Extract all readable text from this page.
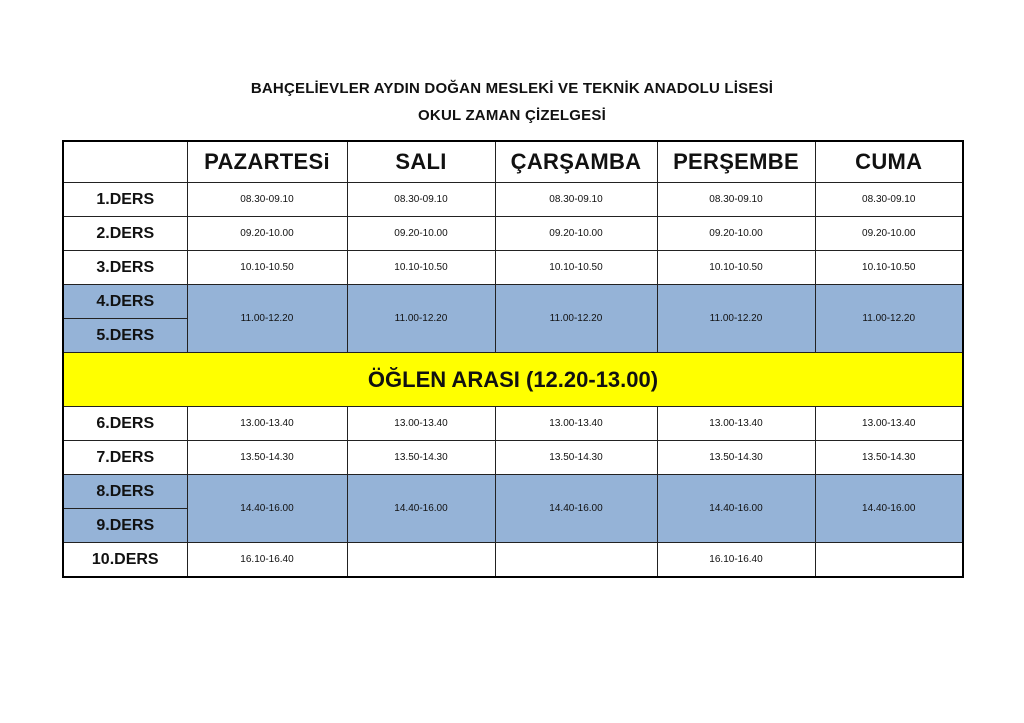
BAHÇELİEVLER AYDIN DOĞAN MESLEKİ VE TEKNİK ANADOLU LİSESİ
OKUL ZAMAN ÇİZELGESİ
	PAZARTESi	SALI	ÇARŞAMBA	PERŞEMBE	CUMA
1.DERS	08.30-09.10	08.30-09.10	08.30-09.10	08.30-09.10	08.30-09.10
2.DERS	09.20-10.00	09.20-10.00	09.20-10.00	09.20-10.00	09.20-10.00
3.DERS	10.10-10.50	10.10-10.50	10.10-10.50	10.10-10.50	10.10-10.50
4.DERS	11.00-12.20	11.00-12.20	11.00-12.20	11.00-12.20	11.00-12.20
5.DERS					
ÖĞLEN ARASI (12.20-13.00)					
6.DERS	13.00-13.40	13.00-13.40	13.00-13.40	13.00-13.40	13.00-13.40
7.DERS	13.50-14.30	13.50-14.30	13.50-14.30	13.50-14.30	13.50-14.30
8.DERS	14.40-16.00	14.40-16.00	14.40-16.00	14.40-16.00	14.40-16.00
9.DERS					
10.DERS	16.10-16.40			16.10-16.40	
